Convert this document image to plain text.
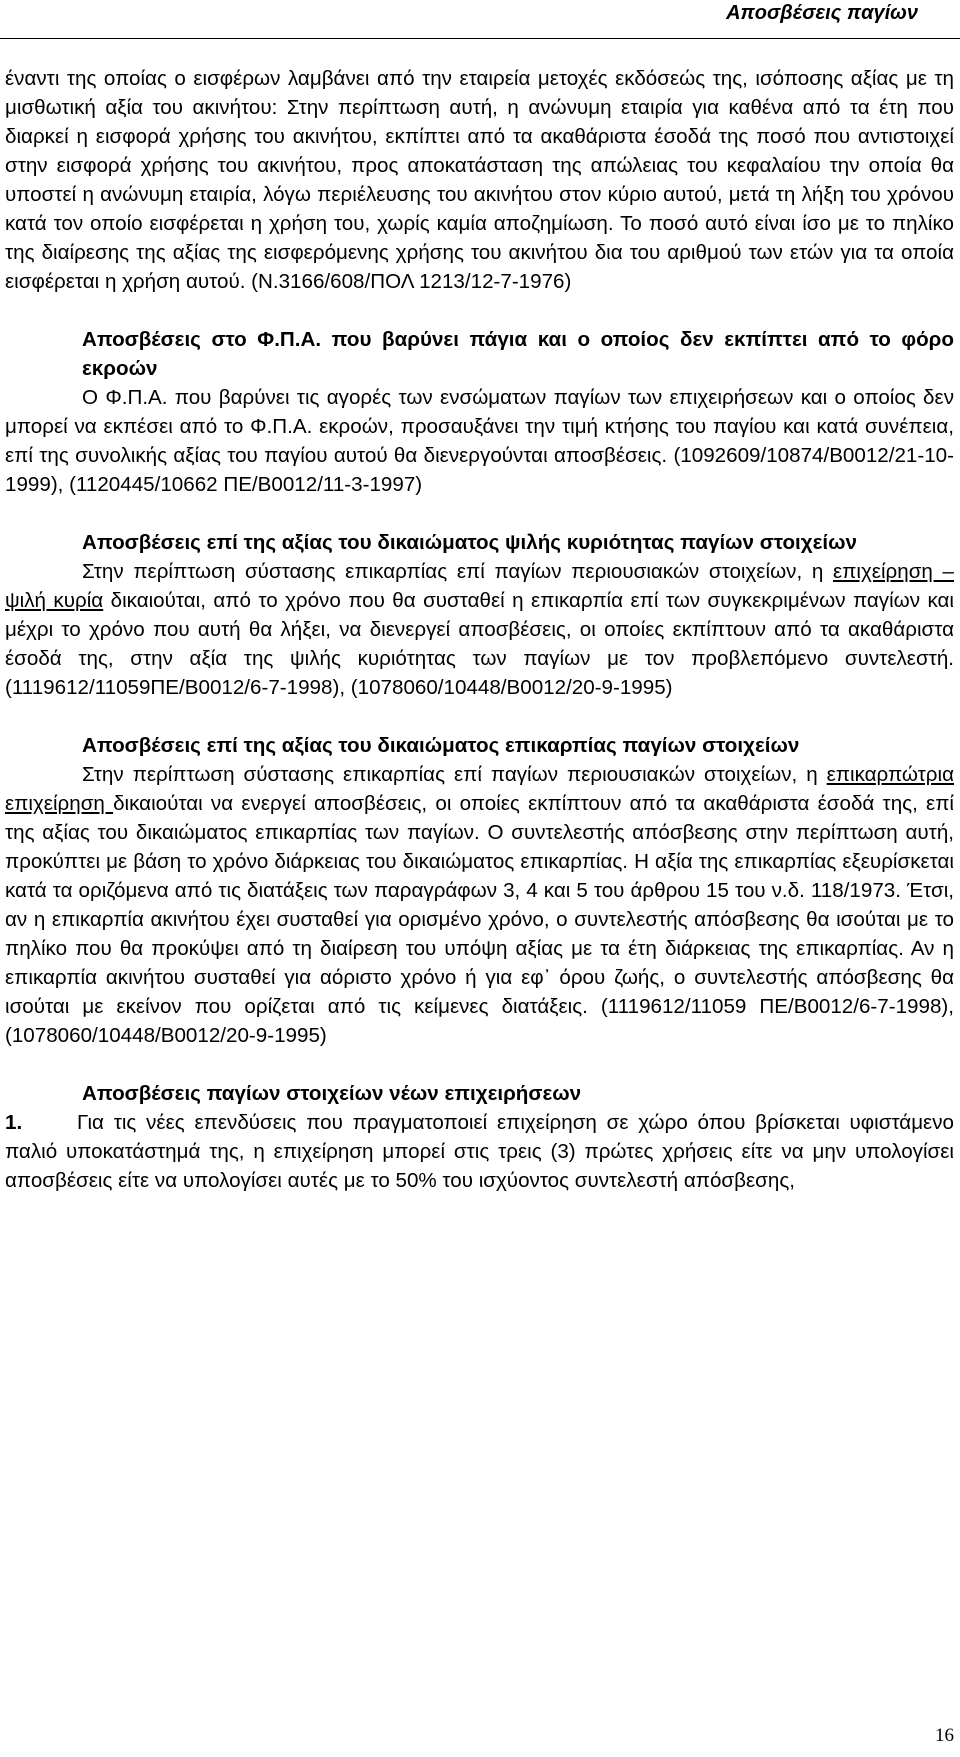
Αποσβέσεις παγίων

έναντι της οποίας ο εισφέρων λαμβάνει από την εταιρεία μετοχές εκδόσεώς της, ισόποσης αξίας με τη μισθωτική αξία του ακινήτου: Στην περίπτωση αυτή, η ανώνυμη εταιρία για καθένα από τα έτη που διαρκεί η εισφορά χρήσης του ακινήτου, εκπίπτει από τα ακαθάριστα έσοδά της ποσό που αντιστοιχεί στην εισφορά χρήσης του ακινήτου, προς αποκατάσταση της απώλειας του κεφαλαίου την οποία θα υποστεί η ανώνυμη εταιρία, λόγω περιέλευσης του ακινήτου στον κύριο αυτού, μετά τη λήξη του χρόνου κατά τον οποίο εισφέρεται η χρήση του, χωρίς καμία αποζημίωση. Το ποσό αυτό είναι ίσο με το πηλίκο της διαίρεσης της αξίας της εισφερόμενης χρήσης του ακινήτου δια του αριθμού των ετών για τα οποία εισφέρεται η χρήση αυτού. (Ν.3166/608/ΠΟΛ 1213/12-7-1976)

Αποσβέσεις στο Φ.Π.Α. που βαρύνει πάγια και ο οποίος δεν εκπίπτει από το φόρο εκροών

Ο Φ.Π.Α. που βαρύνει τις αγορές των ενσώματων παγίων των επιχειρήσεων και ο οποίος δεν μπορεί να εκπέσει από το Φ.Π.Α. εκροών, προσαυξάνει την τιμή κτήσης του παγίου και κατά συνέπεια, επί της συνολικής αξίας του παγίου αυτού θα διενεργούνται αποσβέσεις. (1092609/10874/Β0012/21-10-1999), (1120445/10662 ΠΕ/Β0012/11-3-1997)

Αποσβέσεις επί της αξίας του δικαιώματος ψιλής κυριότητας παγίων στοιχείων

Στην περίπτωση σύστασης επικαρπίας επί παγίων περιουσιακών στοιχείων, η επιχείρηση – ψιλή κυρία δικαιούται, από το χρόνο που θα συσταθεί η επικαρπία επί των συγκεκριμένων παγίων και μέχρι το χρόνο που αυτή θα λήξει, να διενεργεί αποσβέσεις, οι οποίες εκπίπτουν από τα ακαθάριστα έσοδά της, στην αξία της ψιλής κυριότητας των παγίων με τον προβλεπόμενο συντελεστή. (1119612/11059ΠΕ/Β0012/6-7-1998), (1078060/10448/Β0012/20-9-1995)

Αποσβέσεις επί της αξίας του δικαιώματος επικαρπίας παγίων στοιχείων

Στην περίπτωση σύστασης επικαρπίας επί παγίων περιουσιακών στοιχείων, η επικαρπώτρια επιχείρηση δικαιούται να ενεργεί αποσβέσεις, οι οποίες εκπίπτουν από τα ακαθάριστα έσοδά της, επί της αξίας του δικαιώματος επικαρπίας των παγίων. Ο συντελεστής απόσβεσης στην περίπτωση αυτή, προκύπτει με βάση το χρόνο διάρκειας του δικαιώματος επικαρπίας. Η αξία της επικαρπίας εξευρίσκεται κατά τα οριζόμενα από τις διατάξεις των παραγράφων 3, 4 και 5 του άρθρου 15 του ν.δ. 118/1973. Έτσι, αν η επικαρπία ακινήτου έχει συσταθεί για ορισμένο χρόνο, ο συντελεστής απόσβεσης θα ισούται με το πηλίκο που θα προκύψει από τη διαίρεση του υπόψη αξίας με τα έτη διάρκειας της επικαρπίας. Αν η επικαρπία ακινήτου συσταθεί για αόριστο χρόνο ή για εφ᾽ όρου ζωής, ο συντελεστής απόσβεσης θα ισούται με εκείνον που ορίζεται από τις κείμενες διατάξεις. (1119612/11059 ΠΕ/Β0012/6-7-1998), (1078060/10448/Β0012/20-9-1995)

Αποσβέσεις παγίων στοιχείων νέων επιχειρήσεων

1.	Για τις νέες επενδύσεις που πραγματοποιεί επιχείρηση σε χώρο όπου βρίσκεται υφιστάμενο παλιό υποκατάστημά της, η επιχείρηση μπορεί στις τρεις (3) πρώτες χρήσεις είτε να μην υπολογίσει αποσβέσεις είτε να υπολογίσει αυτές με το 50% του ισχύοντος συντελεστή απόσβεσης,

16
